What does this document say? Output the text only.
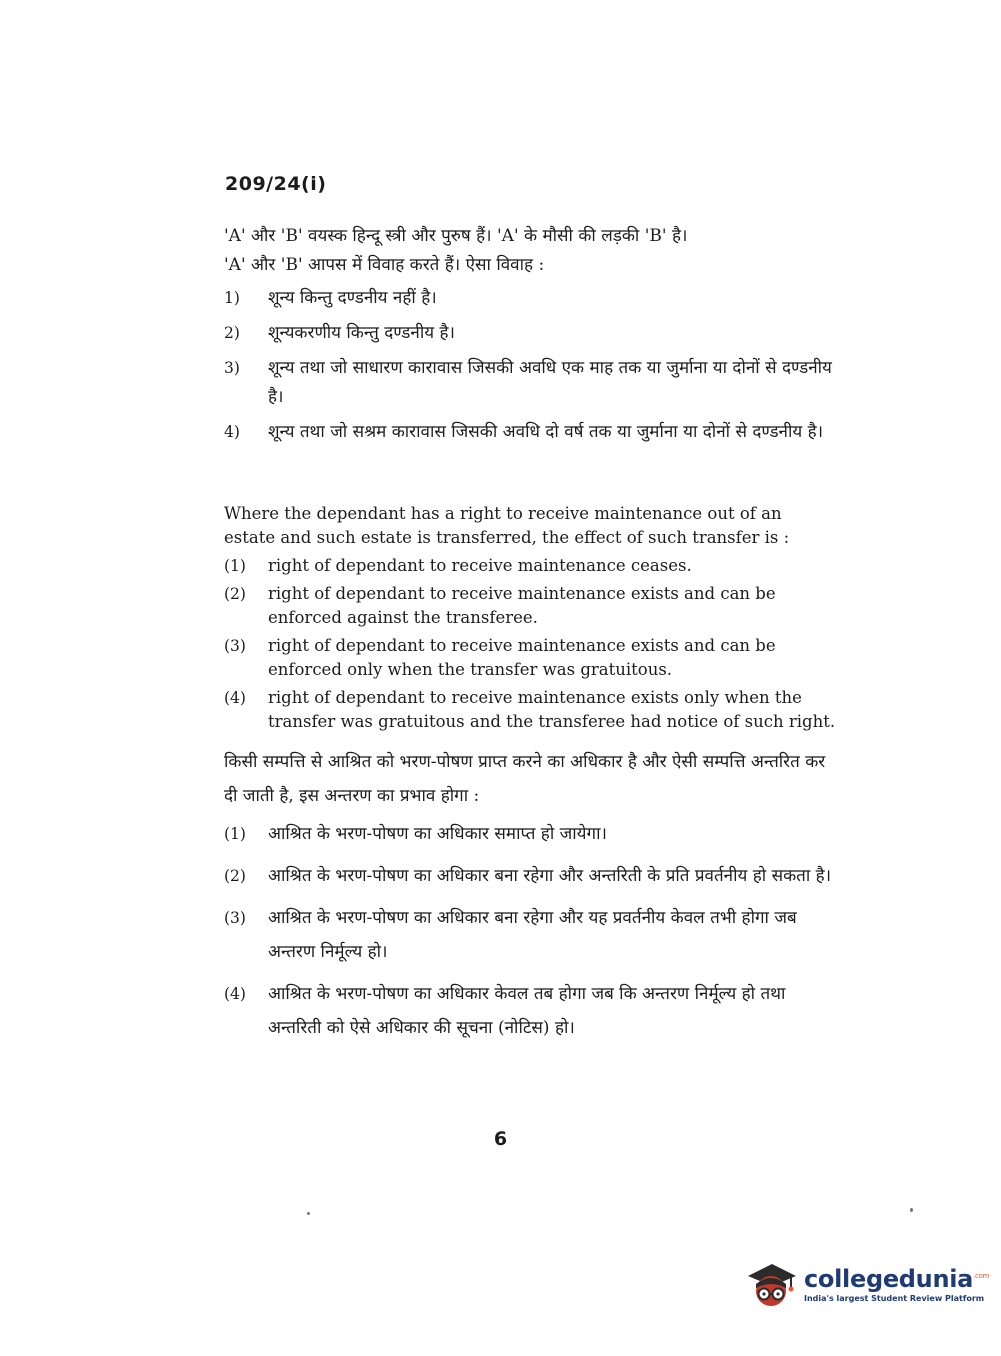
209/24(i)

'A' और 'B' वयस्क हिन्दू स्त्री और पुरुष हैं। 'A' के मौसी की लड़की 'B' है।
'A' और 'B' आपस में विवाह करते हैं। ऐसा विवाह :

1)	शून्य किन्तु दण्डनीय नहीं है।
2)	शून्यकरणीय किन्तु दण्डनीय है।
3)	शून्य तथा जो साधारण कारावास जिसकी अवधि एक माह तक या जुर्माना या दोनों से दण्डनीय है।
4)	शून्य तथा जो सश्रम कारावास जिसकी अवधि दो वर्ष तक या जुर्माना या दोनों से दण्डनीय है।

Where the dependant has a right to receive maintenance out of an estate and such estate is transferred, the effect of such transfer is :

(1)	right of dependant to receive maintenance ceases.
(2)	right of dependant to receive maintenance exists and can be enforced against the transferee.
(3)	right of dependant to receive maintenance exists and can be enforced only when the transfer was gratuitous.
(4)	right of dependant to receive maintenance exists only when the transfer was gratuitous and the transferee had notice of such right.

किसी सम्पत्ति से आश्रित को भरण-पोषण प्राप्त करने का अधिकार है और ऐसी सम्पत्ति अन्तरित कर दी जाती है, इस अन्तरण का प्रभाव होगा :

(1)	आश्रित के भरण-पोषण का अधिकार समाप्त हो जायेगा।
(2)	आश्रित के भरण-पोषण का अधिकार बना रहेगा और अन्तरिती के प्रति प्रवर्तनीय हो सकता है।
(3)	आश्रित के भरण-पोषण का अधिकार बना रहेगा और यह प्रवर्तनीय केवल तभी होगा जब अन्तरण निर्मूल्य हो।
(4)	आश्रित के भरण-पोषण का अधिकार केवल तब होगा जब कि अन्तरण निर्मूल्य हो तथा अन्तरिती को ऐसे अधिकार की सूचना (नोटिस) हो।
6
collegedunia$^{.com}$
India's largest Student Review Platform
